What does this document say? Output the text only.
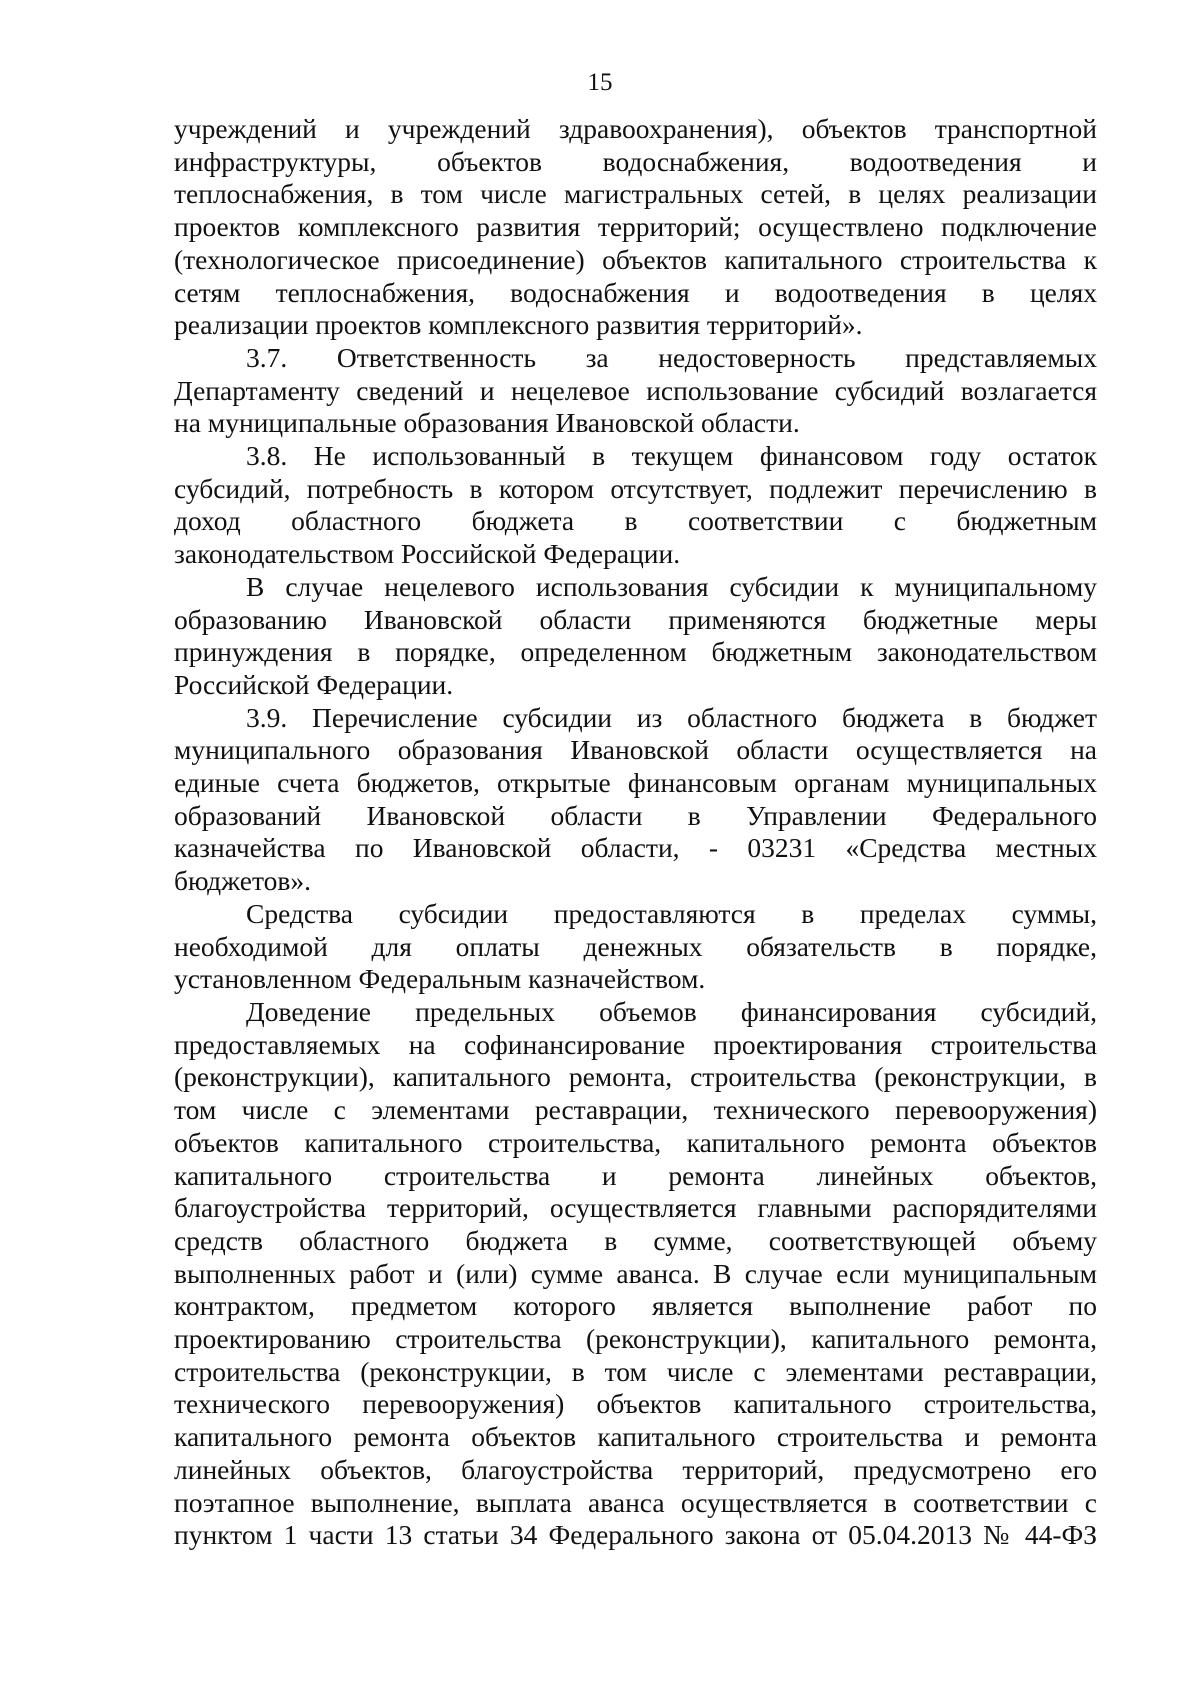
15
учреждений и учреждений здравоохранения), объектов транспортной
инфраструктуры, объектов водоснабжения, водоотведения и
теплоснабжения, в том числе магистральных сетей, в целях реализации
проектов комплексного развития территорий; осуществлено подключение
(технологическое присоединение) объектов капитального строительства к
сетям теплоснабжения, водоснабжения и водоотведения в целях
реализации проектов комплексного развития территорий».
3.7. Ответственность за недостоверность представляемых
Департаменту сведений и нецелевое использование субсидий возлагается
на муниципальные образования Ивановской области.
3.8. Не использованный в текущем финансовом году остаток
субсидий, потребность в котором отсутствует, подлежит перечислению в
доход областного бюджета в соответствии с бюджетным
законодательством Российской Федерации.
В случае нецелевого использования субсидии к муниципальному
образованию Ивановской области применяются бюджетные меры
принуждения в порядке, определенном бюджетным законодательством
Российской Федерации.
3.9. Перечисление субсидии из областного бюджета в бюджет
муниципального образования Ивановской области осуществляется на
единые счета бюджетов, открытые финансовым органам муниципальных
образований Ивановской области в Управлении Федерального
казначейства по Ивановской области, - 03231 «Средства местных
бюджетов».
Средства субсидии предоставляются в пределах суммы,
необходимой для оплаты денежных обязательств в порядке,
установленном Федеральным казначейством.
Доведение предельных объемов финансирования субсидий,
предоставляемых на софинансирование проектирования строительства
(реконструкции), капитального ремонта, строительства (реконструкции, в
том числе с элементами реставрации, технического перевооружения)
объектов капитального строительства, капитального ремонта объектов
капитального строительства и ремонта линейных объектов,
благоустройства территорий, осуществляется главными распорядителями
средств областного бюджета в сумме, соответствующей объему
выполненных работ и (или) сумме аванса. В случае если муниципальным
контрактом, предметом которого является выполнение работ по
проектированию строительства (реконструкции), капитального ремонта,
строительства (реконструкции, в том числе с элементами реставрации,
технического перевооружения) объектов капитального строительства,
капитального ремонта объектов капитального строительства и ремонта
линейных объектов, благоустройства территорий, предусмотрено его
поэтапное выполнение, выплата аванса осуществляется в соответствии с
пунктом 1 части 13 статьи 34 Федерального закона от 05.04.2013 № 44-ФЗ
